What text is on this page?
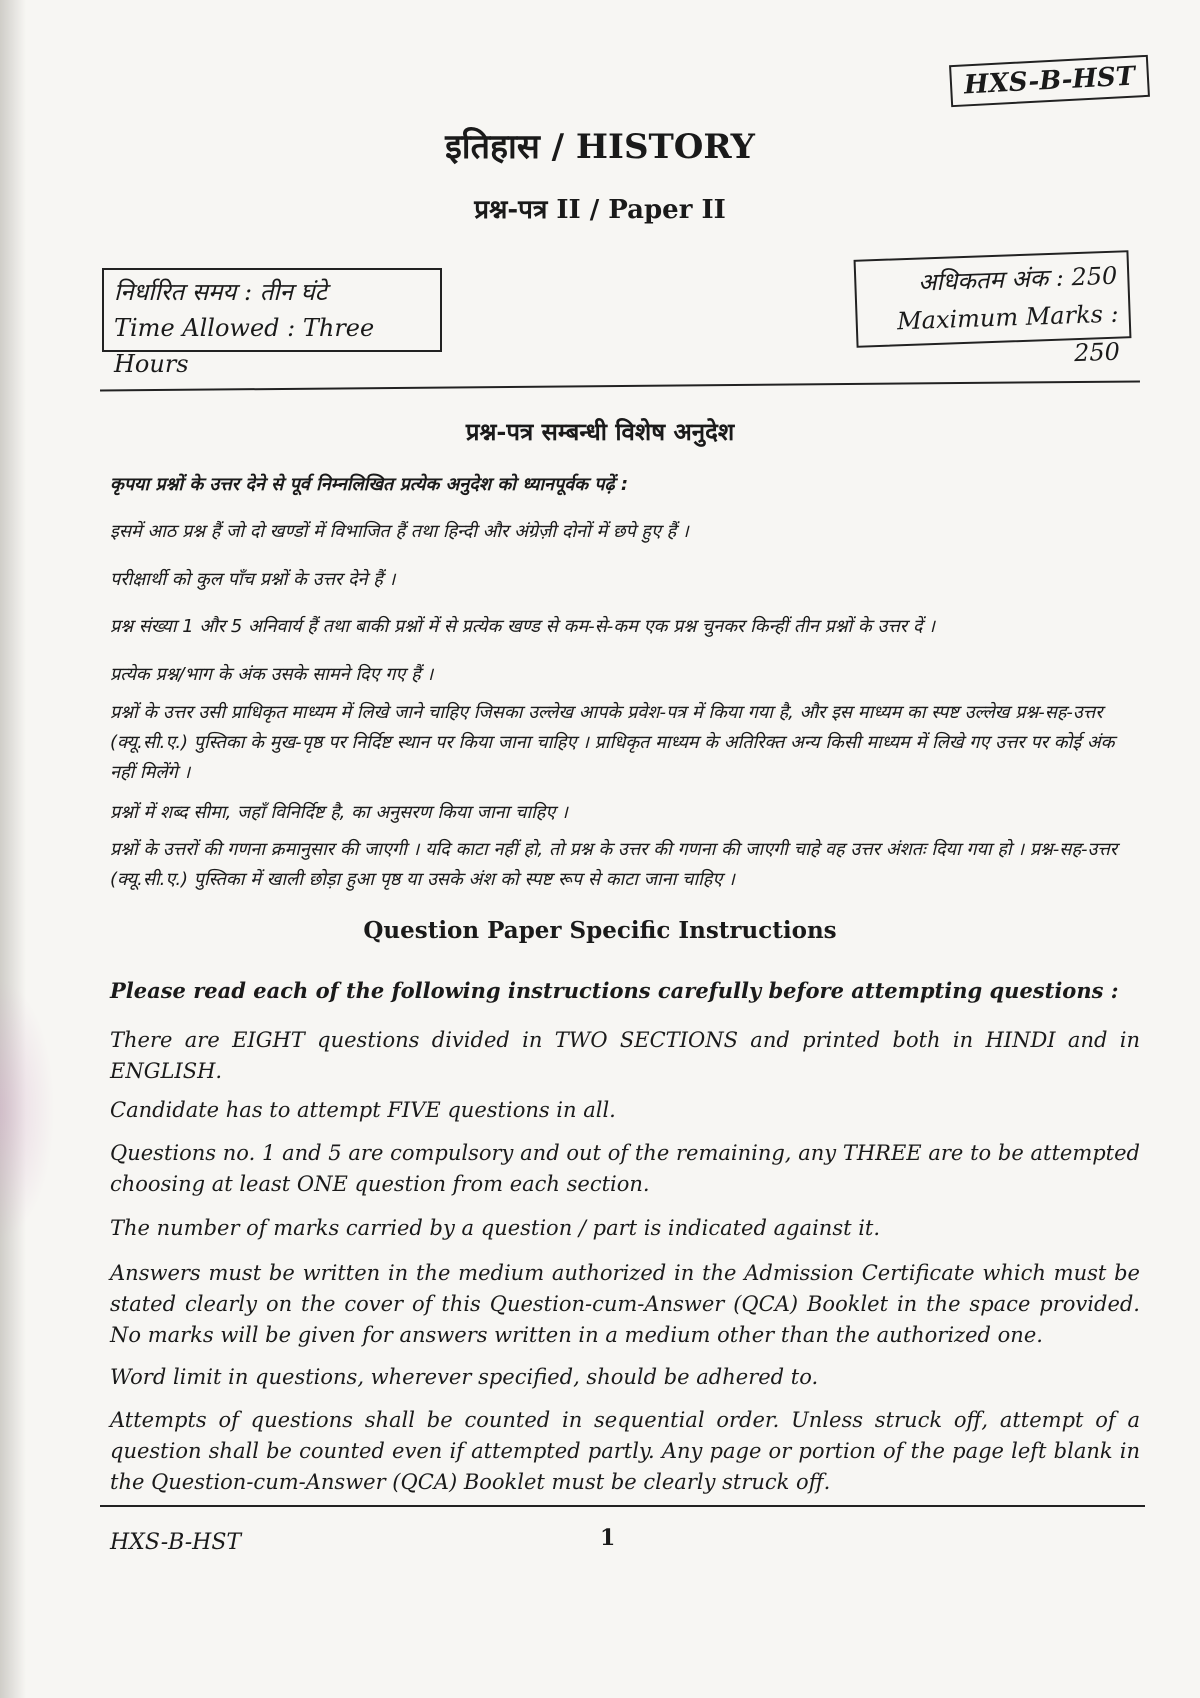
HXS-B-HST
इतिहास / HISTORY
प्रश्न-पत्र II / Paper II
निर्धारित समय : तीन घंटे
Time Allowed : Three Hours
अधिकतम अंक : 250
Maximum Marks : 250
प्रश्न-पत्र सम्बन्धी विशेष अनुदेश
कृपया प्रश्नों के उत्तर देने से पूर्व निम्नलिखित प्रत्येक अनुदेश को ध्यानपूर्वक पढ़ें :
इसमें आठ प्रश्न हैं जो दो खण्डों में विभाजित हैं तथा हिन्दी और अंग्रेज़ी दोनों में छपे हुए हैं ।
परीक्षार्थी को कुल पाँच प्रश्नों के उत्तर देने हैं ।
प्रश्न संख्या 1 और 5 अनिवार्य हैं तथा बाकी प्रश्नों में से प्रत्येक खण्ड से कम-से-कम एक प्रश्न चुनकर किन्हीं तीन प्रश्नों के उत्तर दें ।
प्रत्येक प्रश्न/भाग के अंक उसके सामने दिए गए हैं ।
प्रश्नों के उत्तर उसी प्राधिकृत माध्यम में लिखे जाने चाहिए जिसका उल्लेख आपके प्रवेश-पत्र में किया गया है, और इस माध्यम का स्पष्ट उल्लेख प्रश्न-सह-उत्तर (क्यू.सी.ए.) पुस्तिका के मुख-पृष्ठ पर निर्दिष्ट स्थान पर किया जाना चाहिए । प्राधिकृत माध्यम के अतिरिक्त अन्य किसी माध्यम में लिखे गए उत्तर पर कोई अंक नहीं मिलेंगे ।
प्रश्नों में शब्द सीमा, जहाँ विनिर्दिष्ट है, का अनुसरण किया जाना चाहिए ।
प्रश्नों के उत्तरों की गणना क्रमानुसार की जाएगी । यदि काटा नहीं हो, तो प्रश्न के उत्तर की गणना की जाएगी चाहे वह उत्तर अंशतः दिया गया हो । प्रश्न-सह-उत्तर (क्यू.सी.ए.) पुस्तिका में खाली छोड़ा हुआ पृष्ठ या उसके अंश को स्पष्ट रूप से काटा जाना चाहिए ।
Question Paper Specific Instructions
Please read each of the following instructions carefully before attempting questions :
There are EIGHT questions divided in TWO SECTIONS and printed both in HINDI and in ENGLISH.
Candidate has to attempt FIVE questions in all.
Questions no. 1 and 5 are compulsory and out of the remaining, any THREE are to be attempted choosing at least ONE question from each section.
The number of marks carried by a question / part is indicated against it.
Answers must be written in the medium authorized in the Admission Certificate which must be stated clearly on the cover of this Question-cum-Answer (QCA) Booklet in the space provided. No marks will be given for answers written in a medium other than the authorized one.
Word limit in questions, wherever specified, should be adhered to.
Attempts of questions shall be counted in sequential order. Unless struck off, attempt of a question shall be counted even if attempted partly. Any page or portion of the page left blank in the Question-cum-Answer (QCA) Booklet must be clearly struck off.
HXS-B-HST	1
